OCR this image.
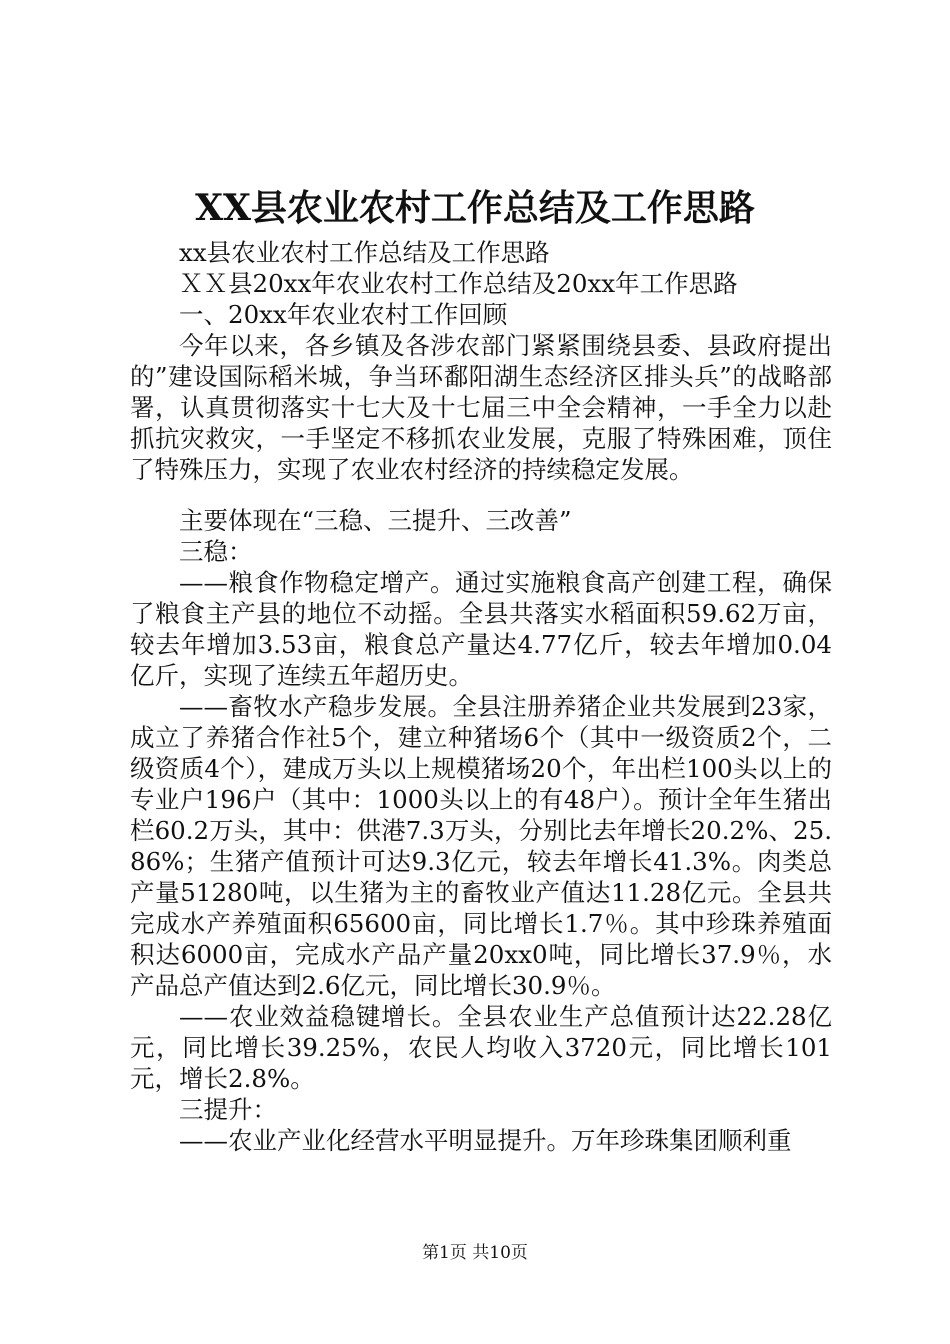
XX县农业农村工作总结及工作思路

xx县农业农村工作总结及工作思路

ＸＸ县20xx年农业农村工作总结及20xx年工作思路

一、20xx年农业农村工作回顾

今年以来，各乡镇及各涉农部门紧紧围绕县委、县政府提出的”建设国际稻米城，争当环鄱阳湖生态经济区排头兵”的战略部署，认真贯彻落实十七大及十七届三中全会精神，一手全力以赴抓抗灾救灾，一手坚定不移抓农业发展，克服了特殊困难，顶住了特殊压力，实现了农业农村经济的持续稳定发展。

主要体现在“三稳、三提升、三改善”

三稳：

——粮食作物稳定增产。通过实施粮食高产创建工程，确保了粮食主产县的地位不动摇。全县共落实水稻面积59.62万亩，较去年增加3.53亩，粮食总产量达4.77亿斤，较去年增加0.04亿斤，实现了连续五年超历史。

——畜牧水产稳步发展。全县注册养猪企业共发展到23家，成立了养猪合作社5个，建立种猪场6个（其中一级资质2个，二级资质4个），建成万头以上规模猪场20个，年出栏100头以上的专业户196户（其中：1000头以上的有48户）。预计全年生猪出栏60.2万头，其中：供港7.3万头，分别比去年增长20.2%、25.86%；生猪产值预计可达9.3亿元，较去年增长41.3%。肉类总产量51280吨，以生猪为主的畜牧业产值达11.28亿元。全县共完成水产养殖面积65600亩，同比增长1.7％。其中珍珠养殖面积达6000亩，完成水产品产量20xx0吨，同比增长37.9％，水产品总产值达到2.6亿元，同比增长30.9％。

——农业效益稳键增长。全县农业生产总值预计达22.28亿元，同比增长39.25%，农民人均收入3720元，同比增长101元，增长2.8%。

三提升：

——农业产业化经营水平明显提升。万年珍珠集团顺利重

第1页 共10页
